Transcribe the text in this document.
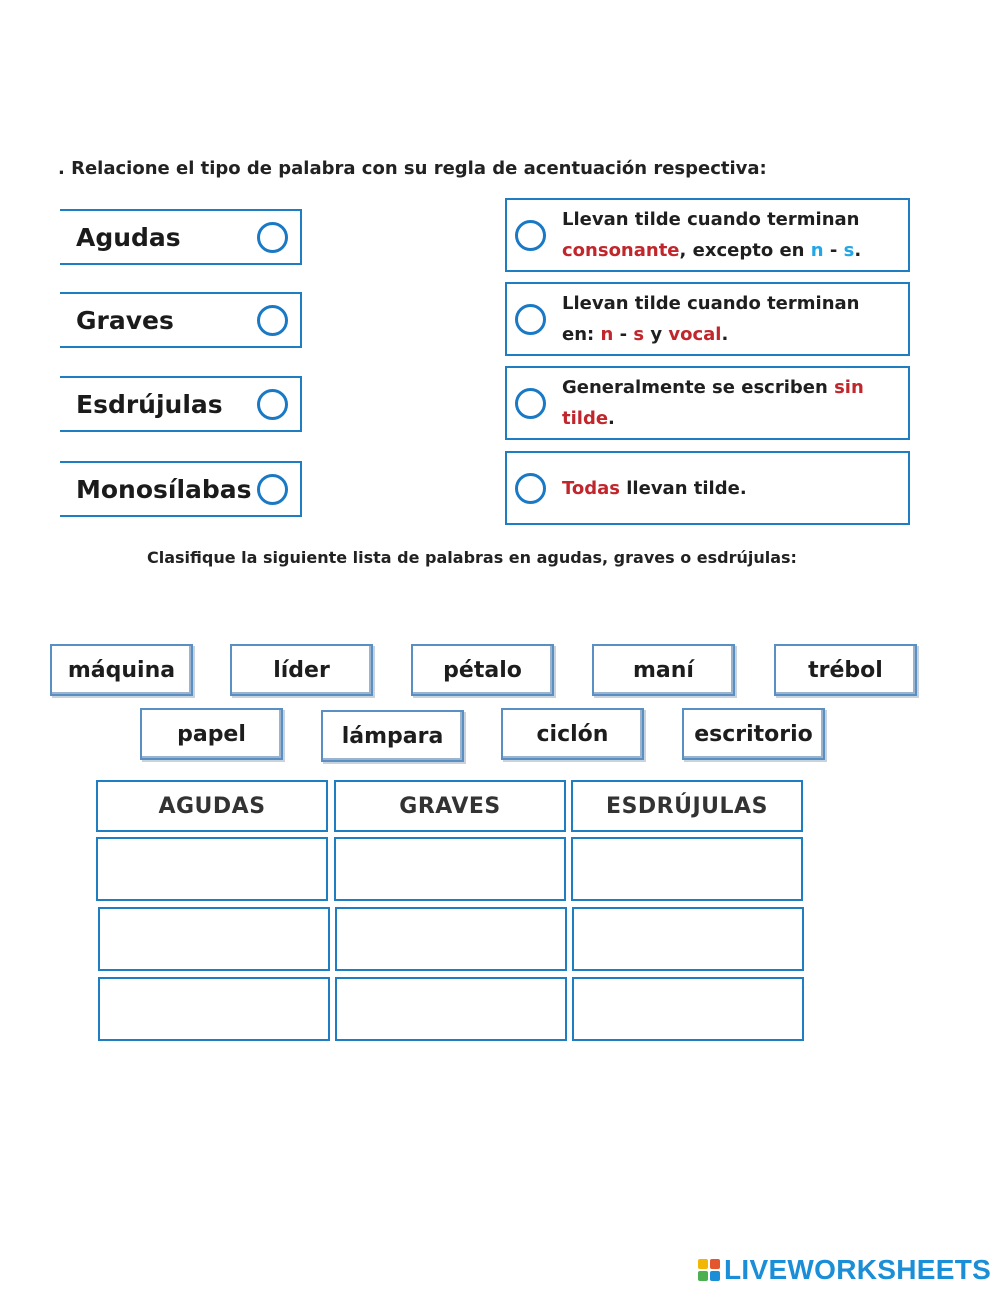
. Relacione el tipo de palabra con su regla de acentuación respectiva:
Agudas
Graves
Esdrújulas
Monosílabas
Llevan tilde cuando terminan
consonante, excepto en n - s.
Llevan tilde cuando terminan
en: n - s y vocal.
Generalmente se escriben sin
tilde.
Todas llevan tilde.
Clasifique la siguiente lista de palabras en agudas, graves o esdrújulas:
máquina	líder	pétalo	maní	trébol
papel	lámpara	ciclón	escritorio
AGUDAS	GRAVES	ESDRÚJULAS
LIVEWORKSHEETS
